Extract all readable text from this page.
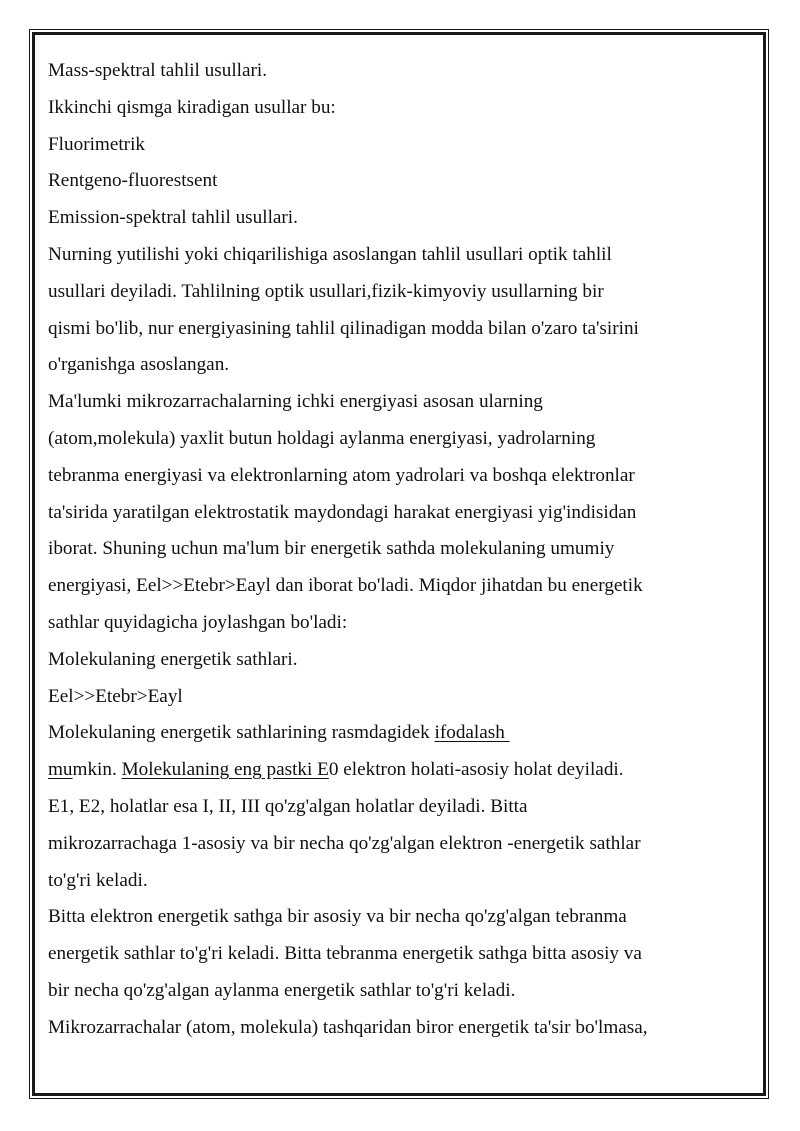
Mass-spektral tahlil usullari.
Ikkinchi qismga kiradigan usullar bu:
Fluorimetrik
Rentgeno-fluorestsent
Emission-spektral tahlil usullari.
Nurning yutilishi yoki chiqarilishiga asoslangan tahlil usullari optik tahlil
usullari deyiladi. Tahlilning optik usullari,fizik-kimyoviy usullarning bir
qismi bo'lib, nur energiyasining tahlil qilinadigan modda bilan o'zaro ta'sirini
o'rganishga asoslangan.
Ma'lumki mikrozarrachalarning ichki energiyasi asosan ularning
(atom,molekula) yaxlit butun holdagi aylanma energiyasi, yadrolarning
tebranma energiyasi va elektronlarning atom yadrolari va boshqa elektronlar
ta'sirida yaratilgan elektrostatik maydondagi harakat energiyasi yig'indisidan
iborat. Shuning uchun ma'lum bir energetik sathda molekulaning umumiy
energiyasi, Eel>>Etebr>Eayl dan iborat bo'ladi. Miqdor jihatdan bu energetik
sathlar quyidagicha joylashgan bo'ladi:
Molekulaning energetik sathlari.
Eel>>Etebr>Eayl
Molekulaning energetik sathlarining rasmdagidek ifodalash
mumkin. Molekulaning eng pastki E0 elektron holati-asosiy holat deyiladi.
E1, E2, holatlar esa I, II, III qo'zg'algan holatlar deyiladi. Bitta
mikrozarrachaga 1-asosiy va bir necha qo'zg'algan elektron -energetik sathlar
to'g'ri keladi.
Bitta elektron energetik sathga bir asosiy va bir necha qo'zg'algan tebranma
energetik sathlar to'g'ri keladi. Bitta tebranma energetik sathga bitta asosiy va
bir necha qo'zg'algan aylanma energetik sathlar to'g'ri keladi.
Mikrozarrachalar (atom, molekula) tashqaridan biror energetik ta'sir bo'lmasa,
